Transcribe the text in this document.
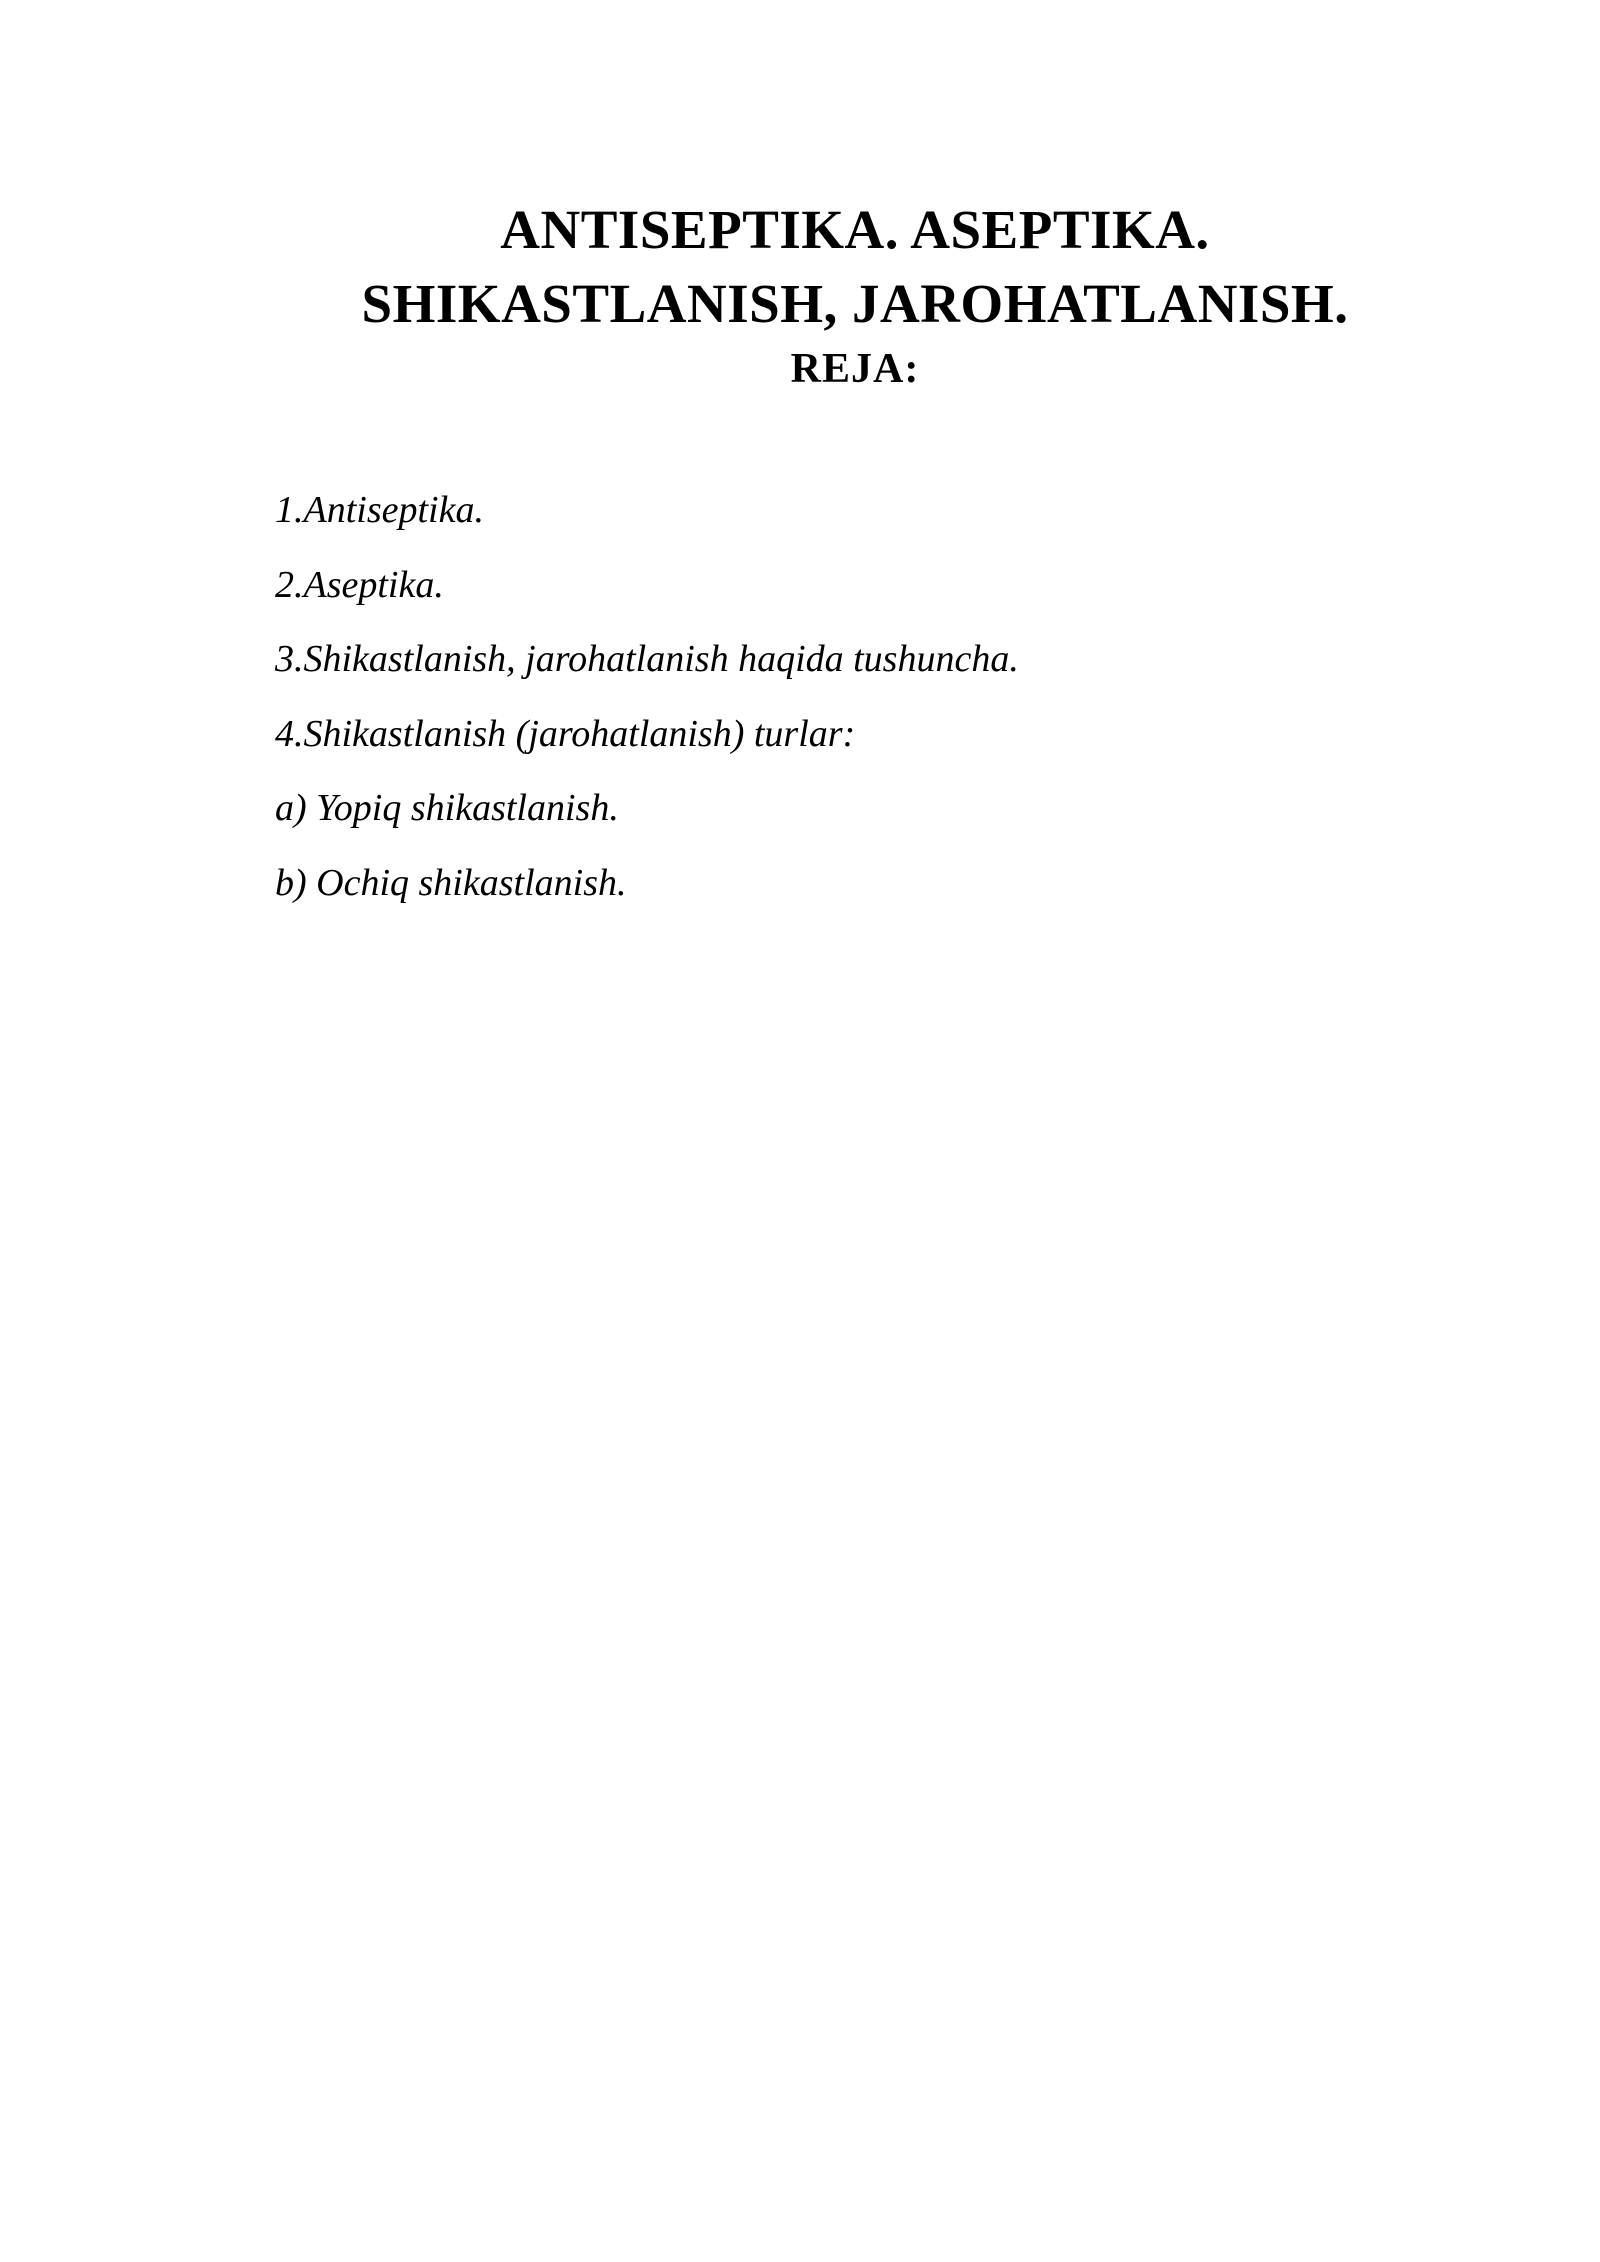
ANTISEPTIKA. ASEPTIKA.
SHIKASTLANISH, JAROHATLANISH.
REJA:
1.Antiseptika.
2.Aseptika.
3.Shikastlanish, jarohatlanish haqida tushuncha.
4.Shikastlanish (jarohatlanish) turlar:
a) Yopiq shikastlanish.
b) Ochiq shikastlanish.
